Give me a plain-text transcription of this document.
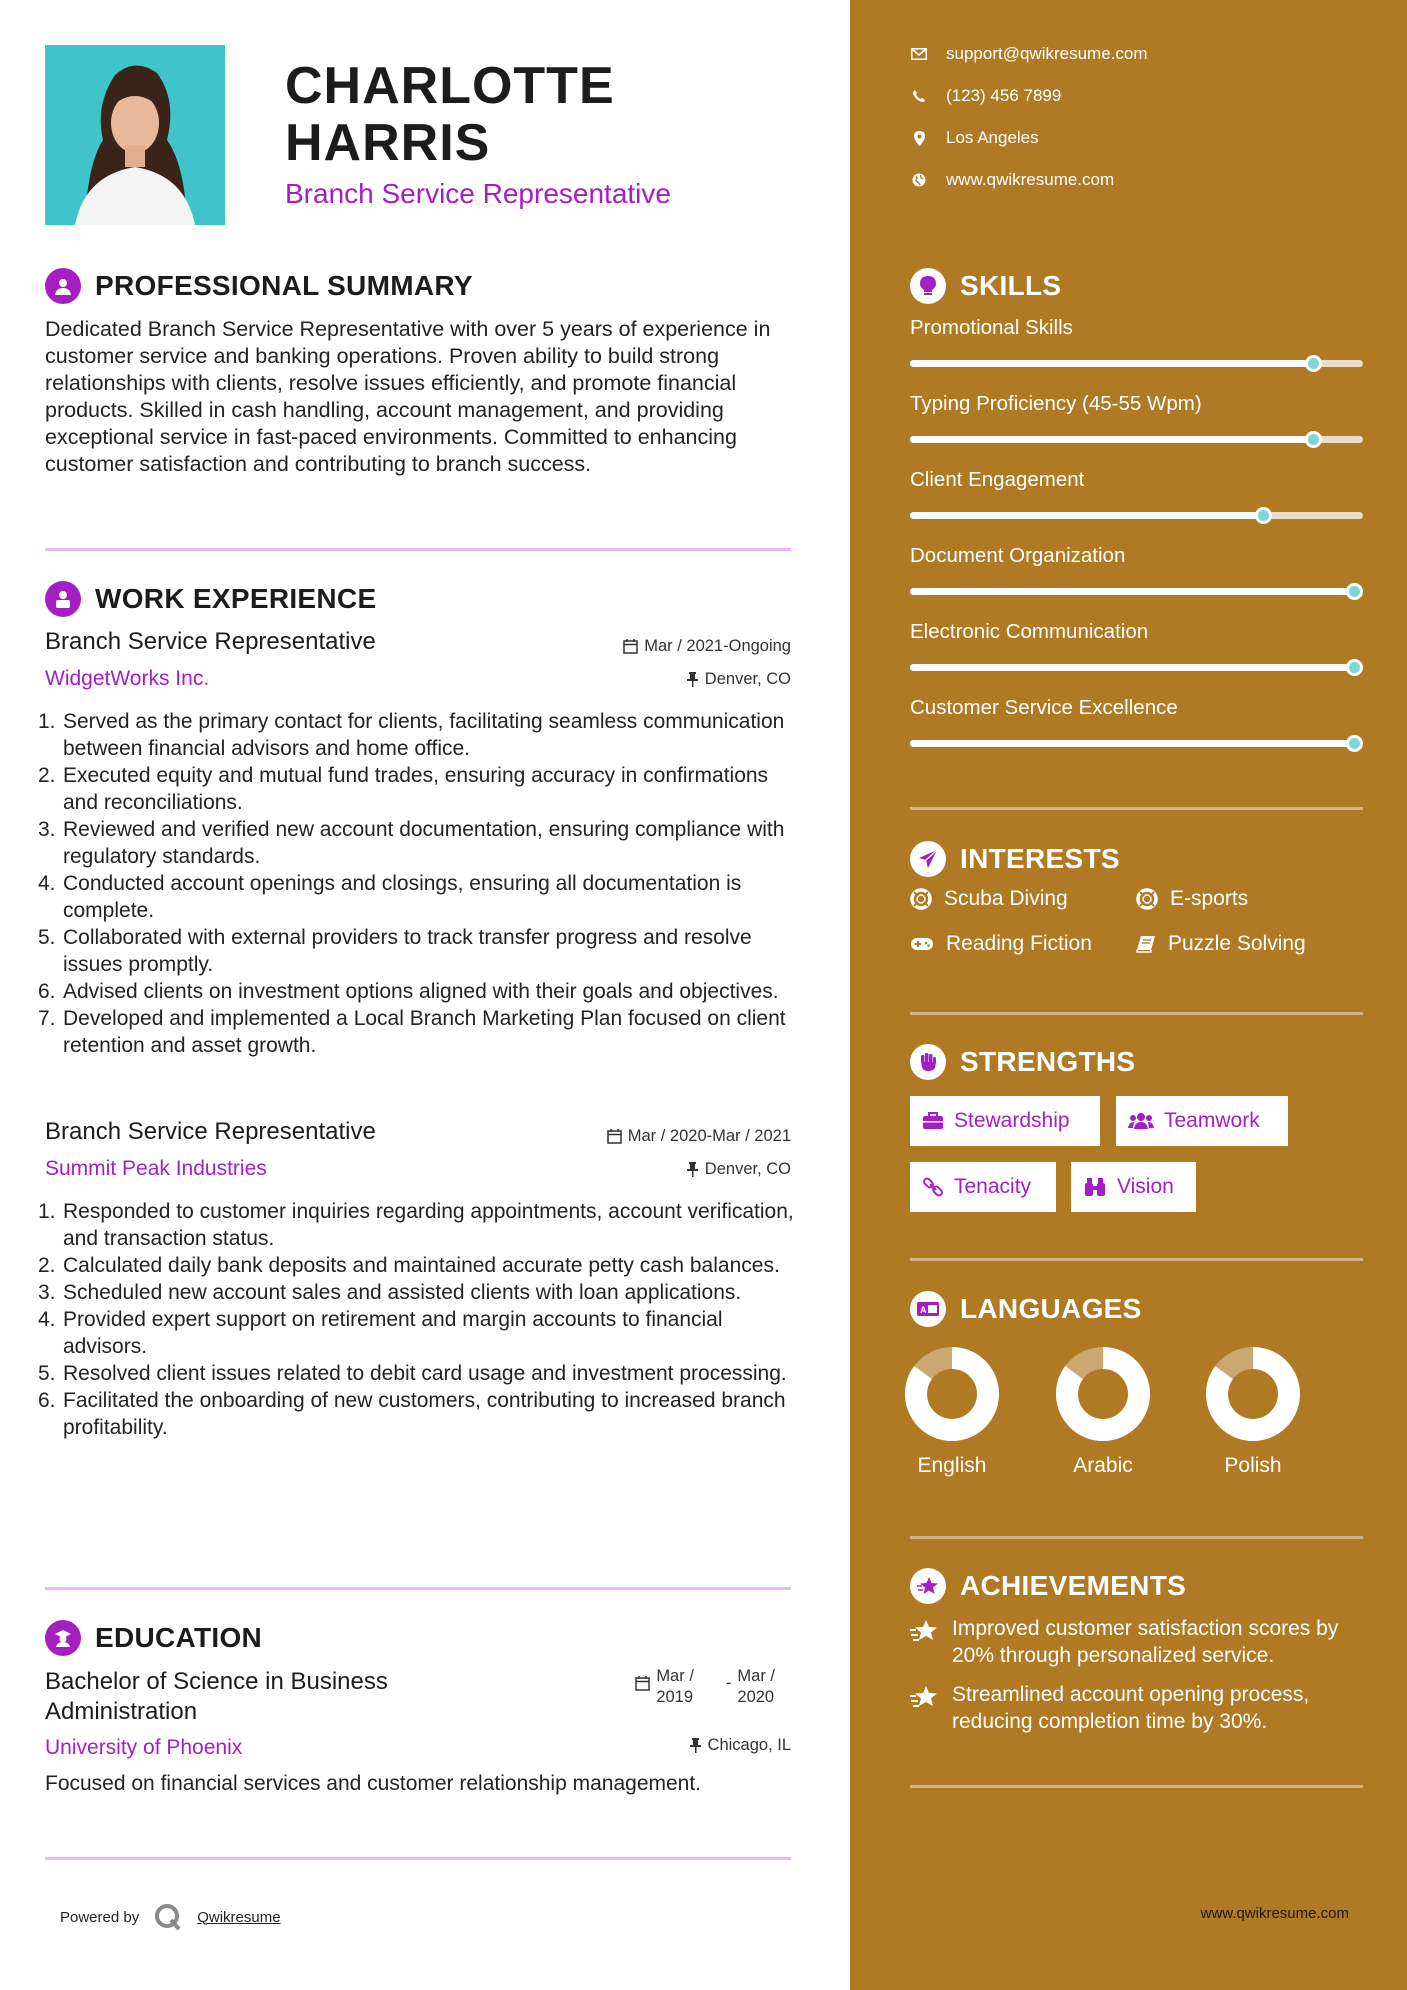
CHARLOTTE
HARRIS
Branch Service Representative
PROFESSIONAL SUMMARY

Dedicated Branch Service Representative with over 5 years of experience in customer service and banking operations. Proven ability to build strong relationships with clients, resolve issues efficiently, and promote financial products. Skilled in cash handling, account management, and providing exceptional service in fast-paced environments. Committed to enhancing customer satisfaction and contributing to branch success.

WORK EXPERIENCE
Branch Service Representative
WidgetWorks Inc.
Mar / 2021-Ongoing
Denver, CO
1. Served as the primary contact for clients, facilitating seamless communication between financial advisors and home office.
2. Executed equity and mutual fund trades, ensuring accuracy in confirmations and reconciliations.
3. Reviewed and verified new account documentation, ensuring compliance with regulatory standards.
4. Conducted account openings and closings, ensuring all documentation is complete.
5. Collaborated with external providers to track transfer progress and resolve issues promptly.
6. Advised clients on investment options aligned with their goals and objectives.
7. Developed and implemented a Local Branch Marketing Plan focused on client retention and asset growth.
Branch Service Representative
Summit Peak Industries
Mar / 2020-Mar / 2021
Denver, CO
1. Responded to customer inquiries regarding appointments, account verification, and transaction status.
2. Calculated daily bank deposits and maintained accurate petty cash balances.
3. Scheduled new account sales and assisted clients with loan applications.
4. Provided expert support on retirement and margin accounts to financial advisors.
5. Resolved client issues related to debit card usage and investment processing.
6. Facilitated the onboarding of new customers, contributing to increased branch profitability.
EDUCATION
Bachelor of Science in Business
Administration
University of Phoenix
Mar /
2019
- Mar /
2020
Chicago, IL
Focused on financial services and customer relationship management.
Powered by	Qwikresume
support@qwikresume.com
(123) 456 7899
Los Angeles
www.qwikresume.com
SKILLS
Promotional Skills
Typing Proficiency (45-55 Wpm)
Client Engagement
Document Organization
Electronic Communication
Customer Service Excellence
INTERESTS
Scuba Diving	E-sports
Reading Fiction	Puzzle Solving
STRENGTHS
Stewardship	Teamwork
Tenacity	Vision
A LANGUAGES
English	Arabic	Polish
ACHIEVEMENTS
Improved customer satisfaction scores by 20% through personalized service.
Streamlined account opening process, reducing completion time by 30%.
www.qwikresume.com
